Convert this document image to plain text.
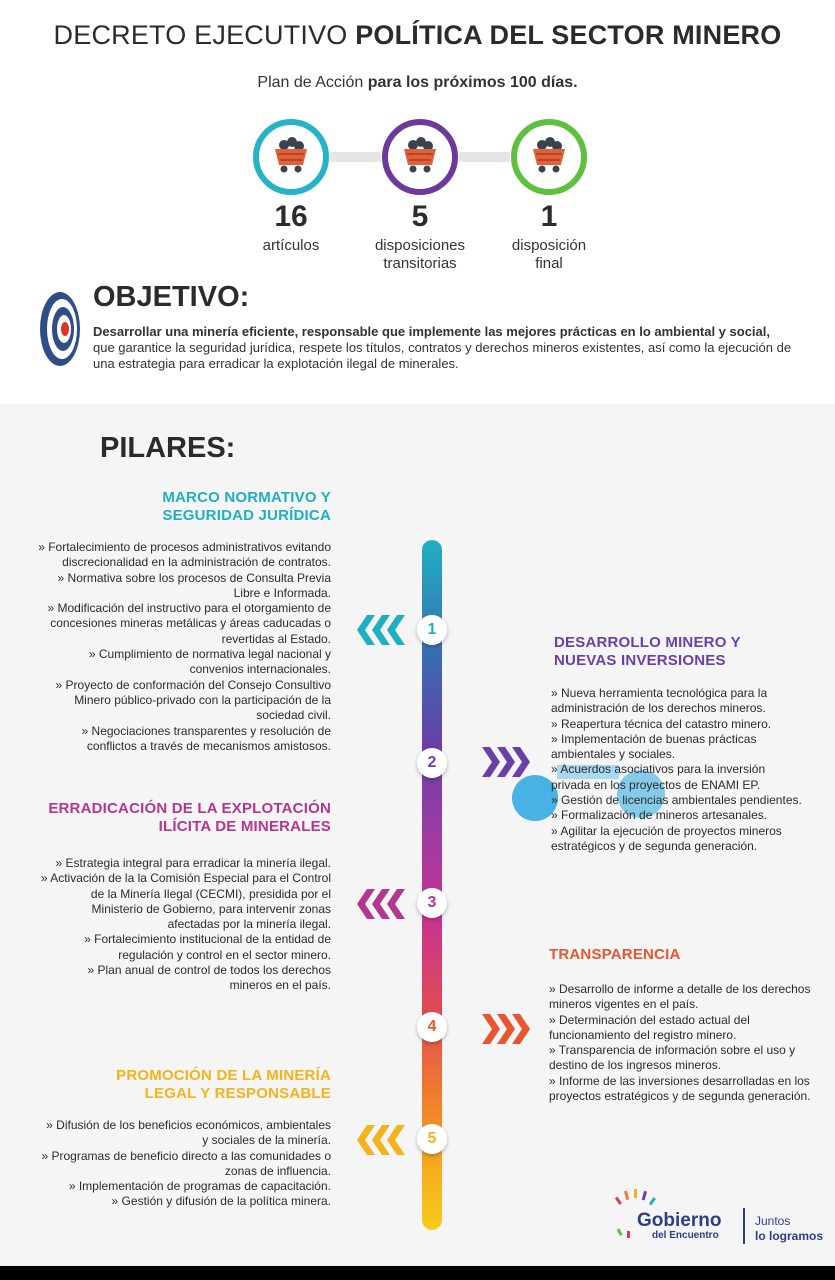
DECRETO EJECUTIVO POLÍTICA DEL SECTOR MINERO
Plan de Acción para los próximos 100 días.
16
artículos
5
disposiciones
transitorias
1
disposición
final
OBJETIVO:
Desarrollar una minería eficiente, responsable que implemente las mejores prácticas en lo ambiental y social, que garantice la seguridad jurídica, respete los títulos, contratos y derechos mineros existentes, así como la ejecución de una estrategia para erradicar la explotación ilegal de minerales.
PILARES:
1
MARCO NORMATIVO Y
SEGURIDAD JURÍDICA
» Fortalecimiento de procesos administrativos evitando
discrecionalidad en la administración de contratos.
» Normativa sobre los procesos de Consulta Previa
Libre e Informada.
» Modificación del instructivo para el otorgamiento de
concesiones mineras metálicas y áreas caducadas o
revertidas al Estado.
» Cumplimiento de normativa legal nacional y
convenios internacionales.
» Proyecto de conformación del Consejo Consultivo
Minero público-privado con la participación de la
sociedad civil.
» Negociaciones transparentes y resolución de
conflictos a través de mecanismos amistosos.
2
DESARROLLO MINERO Y
NUEVAS INVERSIONES
» Nueva herramienta tecnológica para la
administración de los derechos mineros.
» Reapertura técnica del catastro minero.
» Implementación de buenas prácticas
ambientales y sociales.
» Acuerdos asociativos para la inversión
privada en los proyectos de ENAMI EP.
» Gestión de licencias ambientales pendientes.
» Formalización de mineros artesanales.
» Agilitar la ejecución de proyectos mineros
estratégicos y de segunda generación.
3
ERRADICACIÓN DE LA EXPLOTACIÓN
ILÍCITA DE MINERALES
» Estrategia integral para erradicar la minería ilegal.
» Activación de la la Comisión Especial para el Control
de la Minería Ilegal (CECMI), presidida por el
Ministerio de Gobierno, para intervenir zonas
afectadas por la minería ilegal.
» Fortalecimiento institucional de la entidad de
regulación y control en el sector minero.
» Plan anual de control de todos los derechos
mineros en el país.
4
TRANSPARENCIA
» Desarrollo de informe a detalle de los derechos
mineros vigentes en el país.
» Determinación del estado actual del
funcionamiento del registro minero.
» Transparencia de información sobre el uso y
destino de los ingresos mineros.
» Informe de las inversiones desarrolladas en los
proyectos estratégicos y de segunda generación.
5
PROMOCIÓN DE LA MINERÍA
LEGAL Y RESPONSABLE
» Difusión de los beneficios económicos, ambientales
y sociales de la minería.
» Programas de beneficio directo a las comunidades o
zonas de influencia.
» Implementación de programas de capacitación.
» Gestión y difusión de la política minera.
Gobierno
del Encuentro
Juntos
lo logramos
